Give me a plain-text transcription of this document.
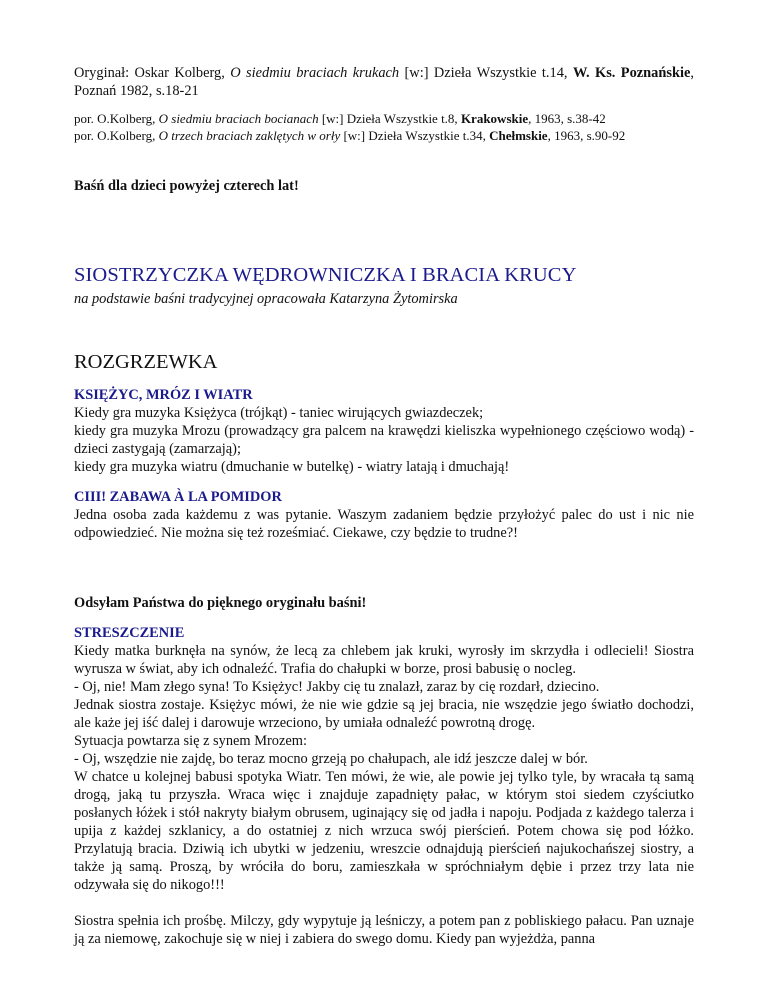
Oryginał: Oskar Kolberg, O siedmiu braciach krukach [w:] Dzieła Wszystkie t.14, W. Ks. Poznańskie, Poznań 1982, s.18-21

por. O.Kolberg, O siedmiu braciach bocianach [w:] Dzieła Wszystkie t.8, Krakowskie, 1963, s.38-42

por. O.Kolberg, O trzech braciach zaklętych w orły [w:] Dzieła Wszystkie t.34, Chełmskie, 1963, s.90-92

Baśń dla dzieci powyżej czterech lat!

SIOSTRZYCZKA WĘDROWNICZKA I BRACIA KRUCY

na podstawie baśni tradycyjnej opracowała Katarzyna Żytomirska

ROZGRZEWKA

KSIĘŻYC, MRÓZ I WIATR

Kiedy gra muzyka Księżyca (trójkąt) - taniec wirujących gwiazdeczek;

kiedy gra muzyka Mrozu (prowadzący gra palcem na krawędzi kieliszka wypełnionego częściowo wodą) - dzieci zastygają (zamarzają);

kiedy gra muzyka wiatru (dmuchanie w butelkę) - wiatry latają i dmuchają!

CIII! ZABAWA À LA POMIDOR

Jedna osoba zada każdemu z was pytanie. Waszym zadaniem będzie przyłożyć palec do ust i nic nie odpowiedzieć. Nie można się też roześmiać. Ciekawe, czy będzie to trudne?!

Odsyłam Państwa do pięknego oryginału baśni!

STRESZCZENIE

Kiedy matka burknęła na synów, że lecą za chlebem jak kruki, wyrosły im skrzydła i odlecieli! Siostra wyrusza w świat, aby ich odnaleźć. Trafia do chałupki w borze, prosi babusię o nocleg.

- Oj, nie! Mam złego syna! To Księżyc! Jakby cię tu znalazł, zaraz by cię rozdarł, dziecino.

Jednak siostra zostaje. Księżyc mówi, że nie wie gdzie są jej bracia, nie wszędzie jego światło dochodzi, ale każe jej iść dalej i darowuje wrzeciono, by umiała odnaleźć powrotną drogę.

Sytuacja powtarza się z synem Mrozem:

- Oj, wszędzie nie zajdę, bo teraz mocno grzeją po chałupach, ale idź jeszcze dalej w bór.

W chatce u kolejnej babusi spotyka Wiatr. Ten mówi, że wie, ale powie jej tylko tyle, by wracała tą samą drogą, jaką tu przyszła. Wraca więc i znajduje zapadnięty pałac, w którym stoi siedem czyściutko posłanych łóżek i stół nakryty białym obrusem, uginający się od jadła i napoju. Podjada z każdego talerza i upija z każdej szklanicy, a do ostatniej z nich wrzuca swój pierścień. Potem chowa się pod łóżko. Przylatują bracia. Dziwią ich ubytki w jedzeniu, wreszcie odnajdują pierścień najukochańszej siostry, a także ją samą. Proszą, by wróciła do boru, zamieszkała w spróchniałym dębie i przez trzy lata nie odzywała się do nikogo!!!

Siostra spełnia ich prośbę. Milczy, gdy wypytuje ją leśniczy, a potem pan z pobliskiego pałacu. Pan uznaje ją za niemowę, zakochuje się w niej i zabiera do swego domu. Kiedy pan wyjeżdża, panna
